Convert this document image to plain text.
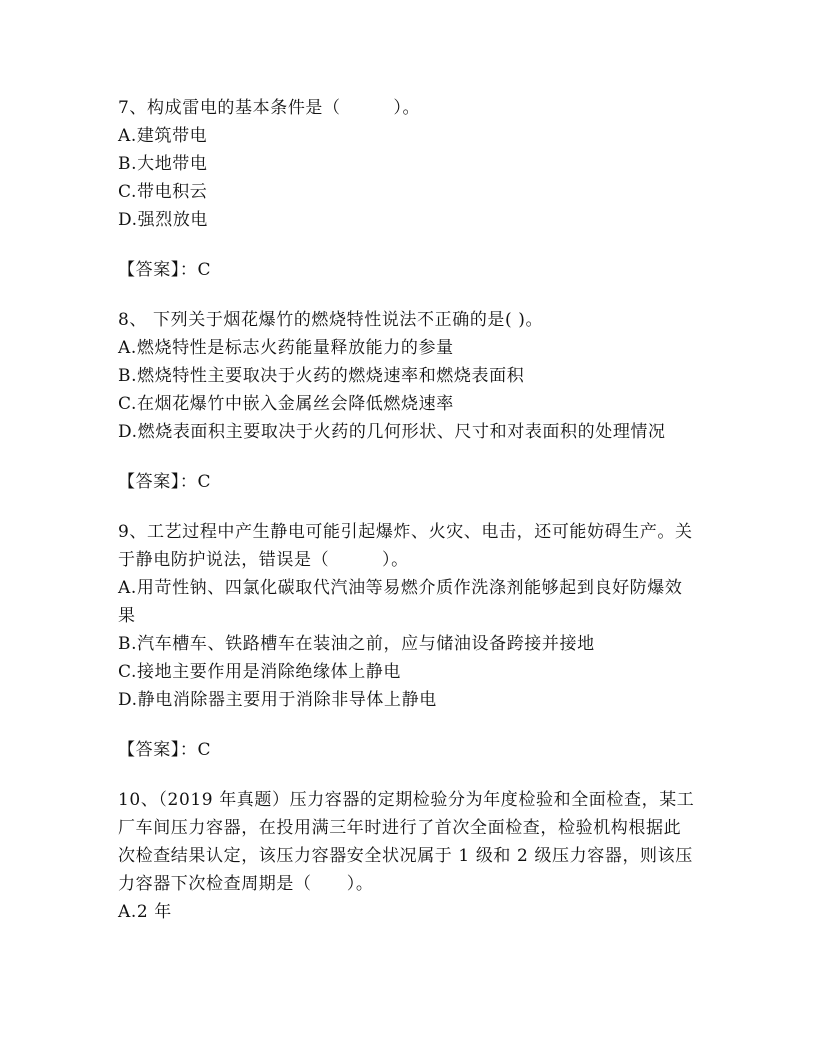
7、构成雷电的基本条件是（　　　）。
A.建筑带电
B.大地带电
C.带电积云
D.强烈放电
【答案】：C
8、 下列关于烟花爆竹的燃烧特性说法不正确的是( )。
A.燃烧特性是标志火药能量释放能力的参量
B.燃烧特性主要取决于火药的燃烧速率和燃烧表面积
C.在烟花爆竹中嵌入金属丝会降低燃烧速率
D.燃烧表面积主要取决于火药的几何形状、尺寸和对表面积的处理情况
【答案】：C
9、工艺过程中产生静电可能引起爆炸、火灾、电击，还可能妨碍生产。关于静电防护说法，错误是（　　　）。
A.用苛性钠、四氯化碳取代汽油等易燃介质作洗涤剂能够起到良好防爆效果
B.汽车槽车、铁路槽车在装油之前，应与储油设备跨接并接地
C.接地主要作用是消除绝缘体上静电
D.静电消除器主要用于消除非导体上静电
【答案】：C
10、（2019 年真题）压力容器的定期检验分为年度检验和全面检查，某工厂车间压力容器，在投用满三年时进行了首次全面检查，检验机构根据此次检查结果认定，该压力容器安全状况属于 1 级和 2 级压力容器，则该压力容器下次检查周期是（　　）。
A.2 年
